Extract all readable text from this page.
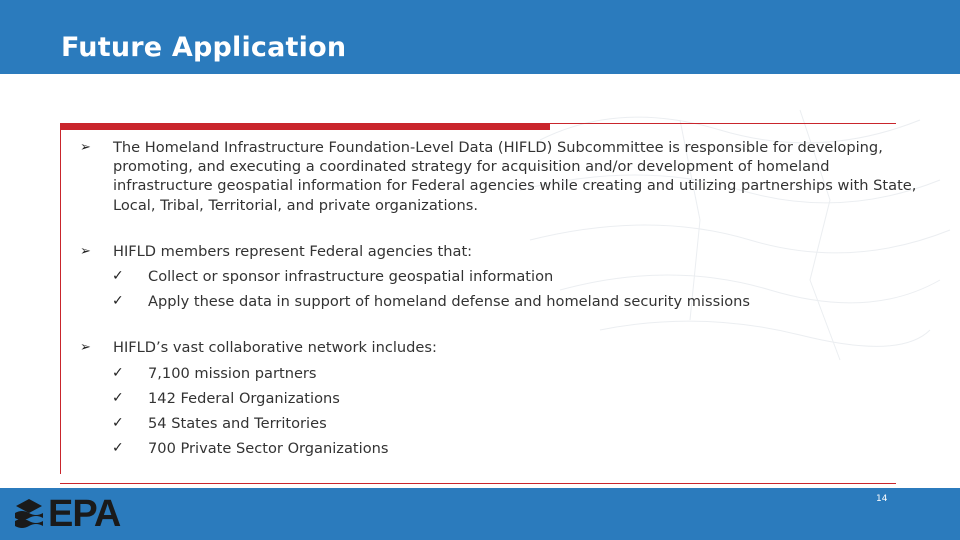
Future Application

➢ The Homeland Infrastructure Foundation-Level Data (HIFLD) Subcommittee is responsible for developing, promoting, and executing a coordinated strategy for acquisition and/or development of homeland infrastructure geospatial information for Federal agencies while creating and utilizing partnerships with State, Local, Tribal, Territorial, and private organizations.

➢ HIFLD members represent Federal agencies that:

✓ Collect or sponsor infrastructure geospatial information

✓ Apply these data in support of homeland defense and homeland security missions

➢ HIFLD’s vast collaborative network includes:

✓ 7,100 mission partners

✓ 142 Federal Organizations

✓ 54 States and Territories

✓ 700 Private Sector Organizations

EPA	14
